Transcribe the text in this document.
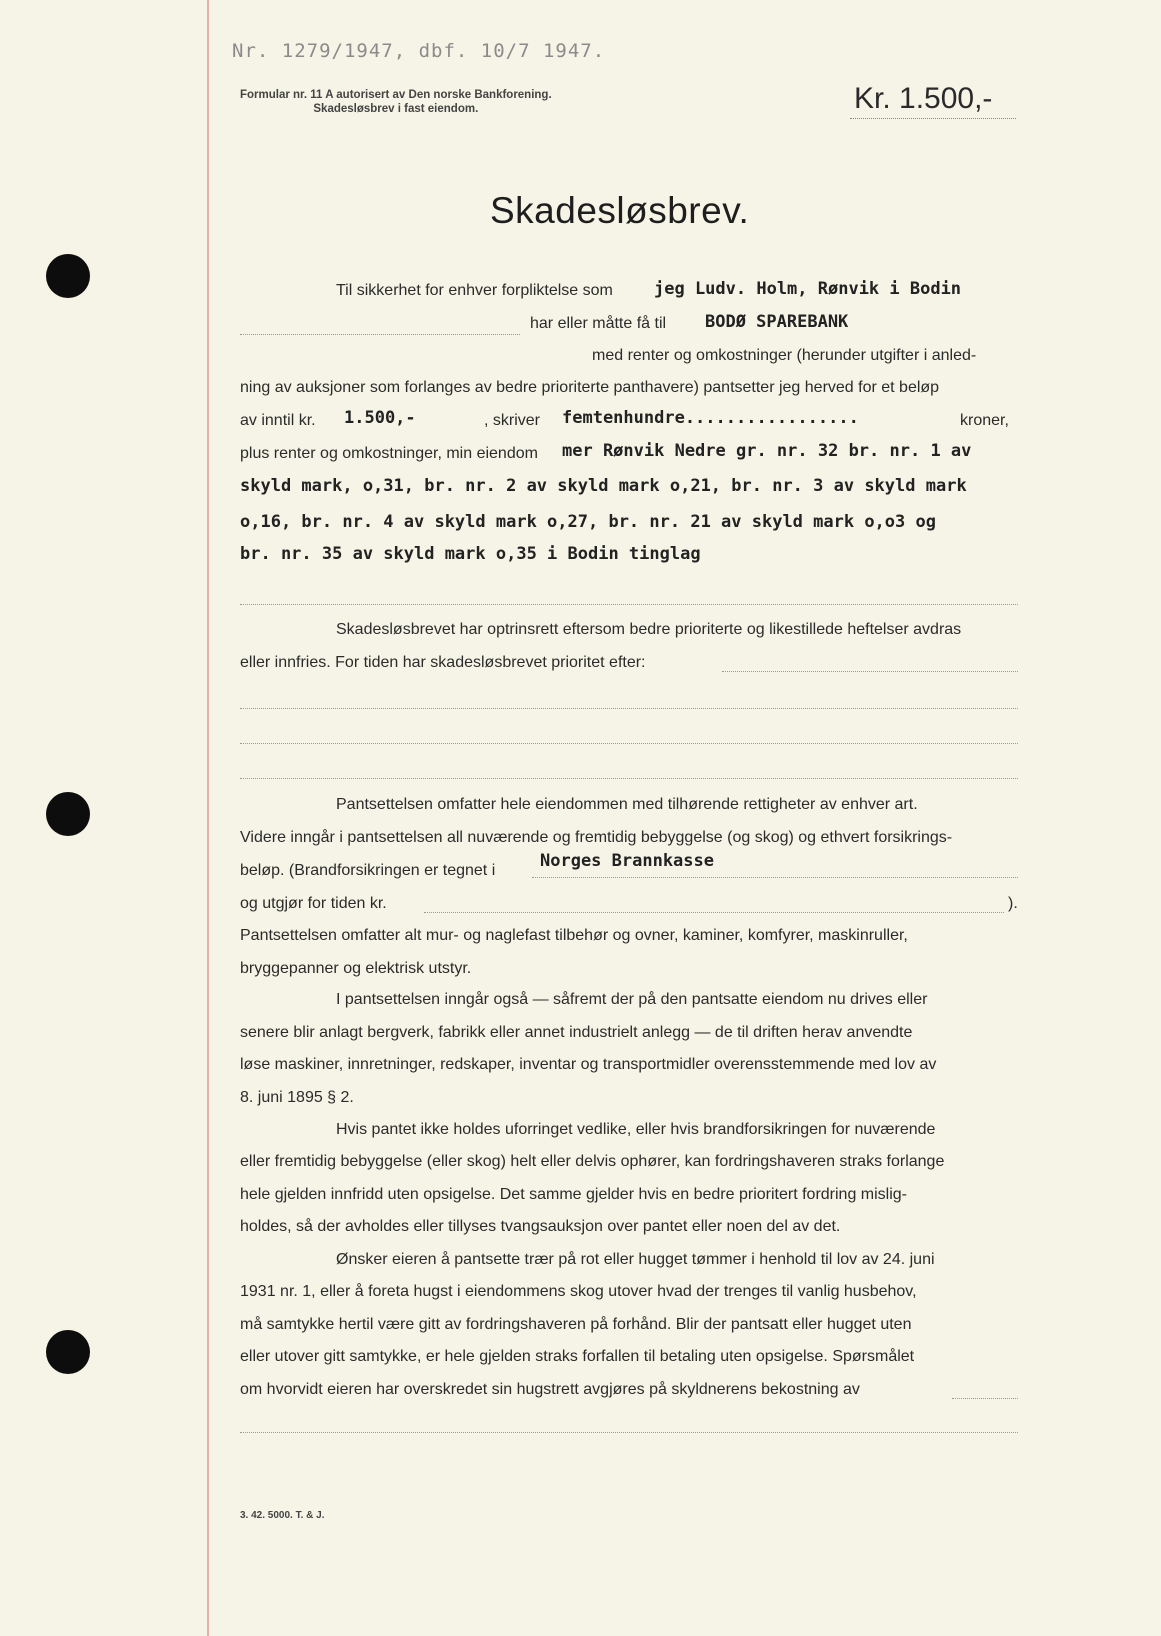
Nr. 1279/1947, dbf. 10/7 1947.
Formular nr. 11 A autorisert av Den norske Bankforening.
Skadesløsbrev i fast eiendom.	Kr. 1.500,-
Skadesløsbrev.
Til sikkerhet for enhver forpliktelse som jeg Ludv. Holm, Rønvik i Bodin
har eller måtte få til BODØ SPAREBANK
med renter og omkostninger (herunder utgifter i anled-
ning av auksjoner som forlanges av bedre prioriterte panthavere) pantsetter jeg herved for et beløp
av inntil kr. 1.500,-	, skriver femtenhundre.................	kroner,
plus renter og omkostninger, min eiendom mer Rønvik Nedre gr. nr. 32 br. nr. 1 av
skyld mark, o,31, br. nr. 2 av skyld mark o,21, br. nr. 3 av skyld mark
o,16, br. nr. 4 av skyld mark o,27, br. nr. 21 av skyld mark o,o3 og
br. nr. 35 av skyld mark o,35 i Bodin tinglag
Skadesløsbrevet har optrinsrett eftersom bedre prioriterte og likestillede heftelser avdras
eller innfries. For tiden har skadesløsbrevet prioritet efter:
Pantsettelsen omfatter hele eiendommen med tilhørende rettigheter av enhver art.
Videre inngår i pantsettelsen all nuværende og fremtidig bebyggelse (og skog) og ethvert forsikrings-
beløp. (Brandforsikringen er tegnet i	Norges Brannkasse
og utgjør for tiden kr.	).
Pantsettelsen omfatter alt mur- og naglefast tilbehør og ovner, kaminer, komfyrer, maskinruller,
bryggepanner og elektrisk utstyr.
I pantsettelsen inngår også — såfremt der på den pantsatte eiendom nu drives eller
senere blir anlagt bergverk, fabrikk eller annet industrielt anlegg — de til driften herav anvendte
løse maskiner, innretninger, redskaper, inventar og transportmidler overensstemmende med lov av
8. juni 1895 § 2.
Hvis pantet ikke holdes uforringet vedlike, eller hvis brandforsikringen for nuværende
eller fremtidig bebyggelse (eller skog) helt eller delvis ophører, kan fordringshaveren straks forlange
hele gjelden innfridd uten opsigelse. Det samme gjelder hvis en bedre prioritert fordring mislig-
holdes, så der avholdes eller tillyses tvangsauksjon over pantet eller noen del av det.
Ønsker eieren å pantsette trær på rot eller hugget tømmer i henhold til lov av 24. juni
1931 nr. 1, eller å foreta hugst i eiendommens skog utover hvad der trenges til vanlig husbehov,
må samtykke hertil være gitt av fordringshaveren på forhånd. Blir der pantsatt eller hugget uten
eller utover gitt samtykke, er hele gjelden straks forfallen til betaling uten opsigelse. Spørsmålet
om hvorvidt eieren har overskredet sin hugstrett avgjøres på skyldnerens bekostning av
3. 42. 5000. T. & J.
